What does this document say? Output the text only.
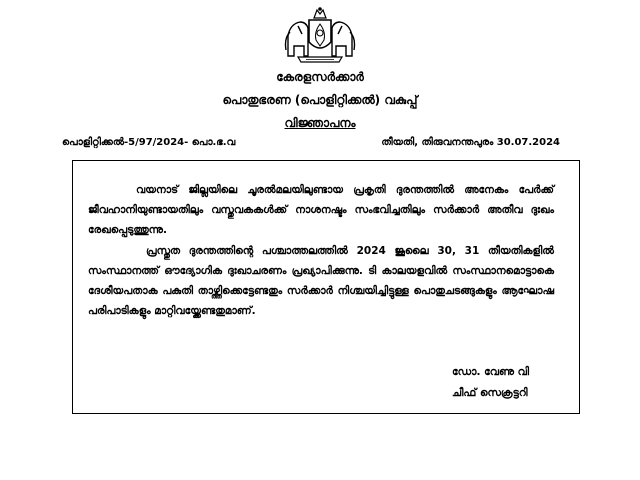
കേരളസർക്കാർ
പൊതുഭരണ (പൊളിറ്റിക്കൽ) വകുപ്പ്
വിജ്ഞാപനം
പൊളിറ്റിക്കൽ-5/97/2024- പൊ.ഭ.വ	തീയതി, തിരുവനന്തപുരം 30.07.2024
വയനാട് ജില്ലയിലെ ചൂരൽമലയിലുണ്ടായ പ്രകൃതി ദുരന്തത്തിൽ അനേകം പേർക്ക് ജീവഹാനിയുണ്ടായതിലും വസ്തുവകകൾക്ക് നാശനഷ്ടം സംഭവിച്ചതിലും സർക്കാർ അതീവ ദുഃഖം രേഖപ്പെടുത്തുന്നു.
പ്രസ്തുത ദുരന്തത്തിന്റെ പശ്ചാത്തലത്തിൽ 2024 ജൂലൈ 30, 31 തീയതികളിൽ സംസ്ഥാനത്ത് ഔദ്യോഗിക ദുഃഖാചരണം പ്രഖ്യാപിക്കുന്നു. ടി കാലയളവിൽ സംസ്ഥാനമൊട്ടാകെ ദേശീയപതാക പകുതി താഴ്ത്തിക്കെട്ടേണ്ടതും സർക്കാർ നിശ്ചയിച്ചിട്ടുള്ള പൊതുചടങ്ങുകളും ആഘോഷ പരിപാടികളും മാറ്റിവയ്ക്കേണ്ടതുമാണ്.
ഡോ. വേണു വി
ചീഫ് സെക്രട്ടറി
